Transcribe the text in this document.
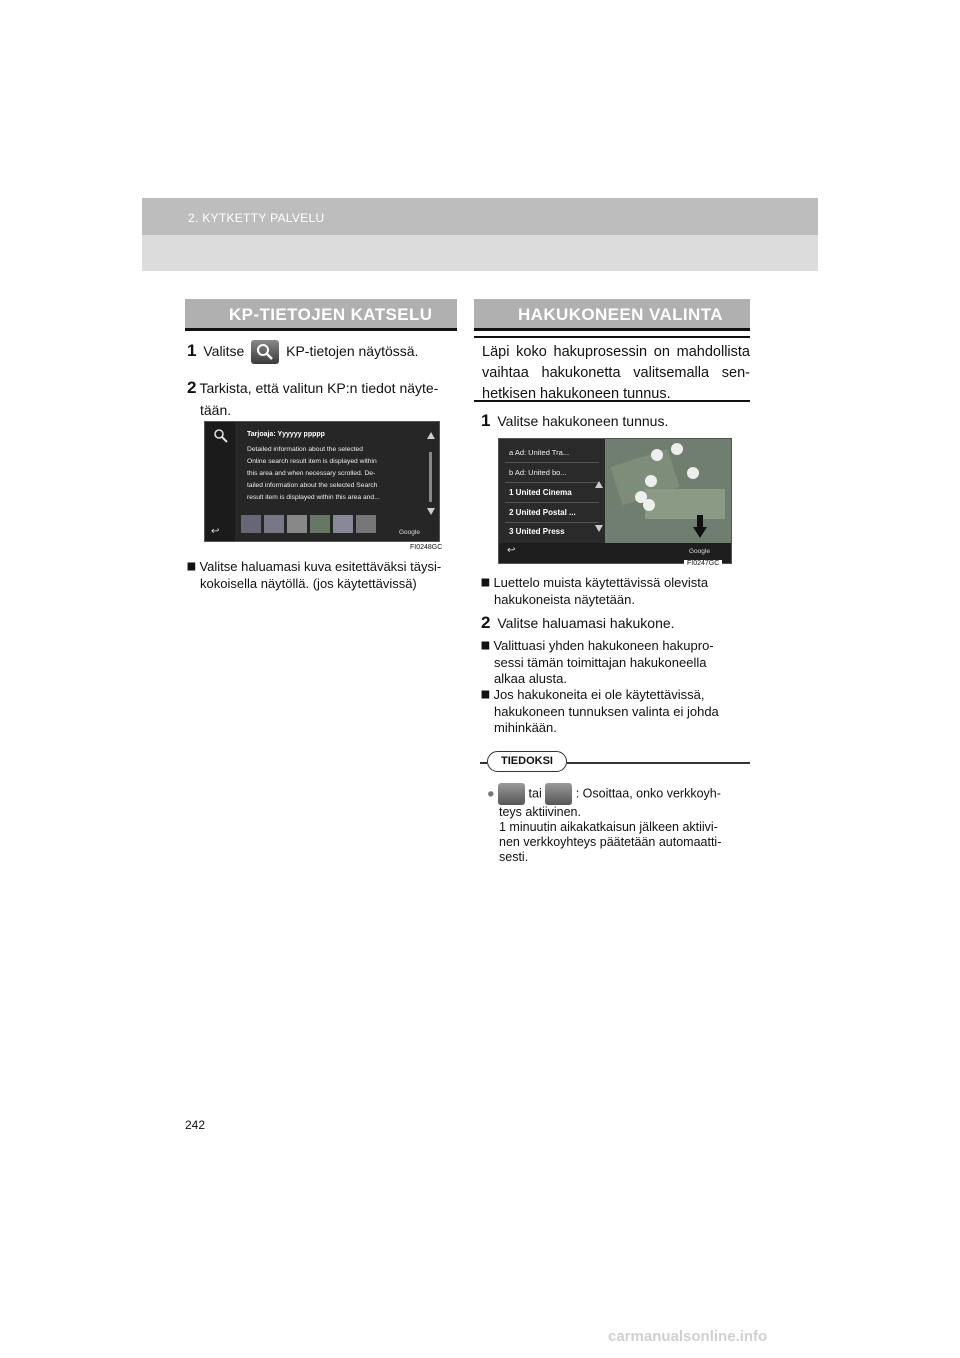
2. KYTKETTY PALVELU
KP-TIETOJEN KATSELU
1 Valitse	KP-tietojen näytössä.
2 Tarkista, että valitun KP:n tiedot näyte-
tään.
Tarjoaja: Yyyyyy ppppp
Detailed information about the selected
Online search result item is displayed within
this area and when necessary scrolled. De-
tailed information about the selected Search
result item is displayed within this area and...
↩	Google
FI0248GC
⯀ Valitse haluamasi kuva esitettäväksi täysi-
kokoisella näytöllä. (jos käytettävissä)
HAKUKONEEN VALINTA
Läpi koko hakuprosessin on mahdollista vaihtaa hakukonetta valitsemalla sen-hetkisen hakukoneen tunnus.
1 Valitse hakukoneen tunnus.
a Ad: United Tra...
b Ad: United bo...
1 United Cinema
2 United Postal ...
3 United Press
↩	Google
FI0247GC
⯀ Luettelo muista käytettävissä olevista
hakukoneista näytetään.
2 Valitse haluamasi hakukone.
⯀ Valittuasi yhden hakukoneen hakupro-
sessi tämän toimittajan hakukoneella
alkaa alusta.
⯀ Jos hakukoneita ei ole käytettävissä,
hakukoneen tunnuksen valinta ei johda
mihinkään.
TIEDOKSI
●	tai	: Osoittaa, onko verkkoyh-
teys aktiivinen.
1 minuutin aikakatkaisun jälkeen aktiivi-
nen verkkoyhteys päätetään automaatti-
sesti.
242
carmanualsonline.info
